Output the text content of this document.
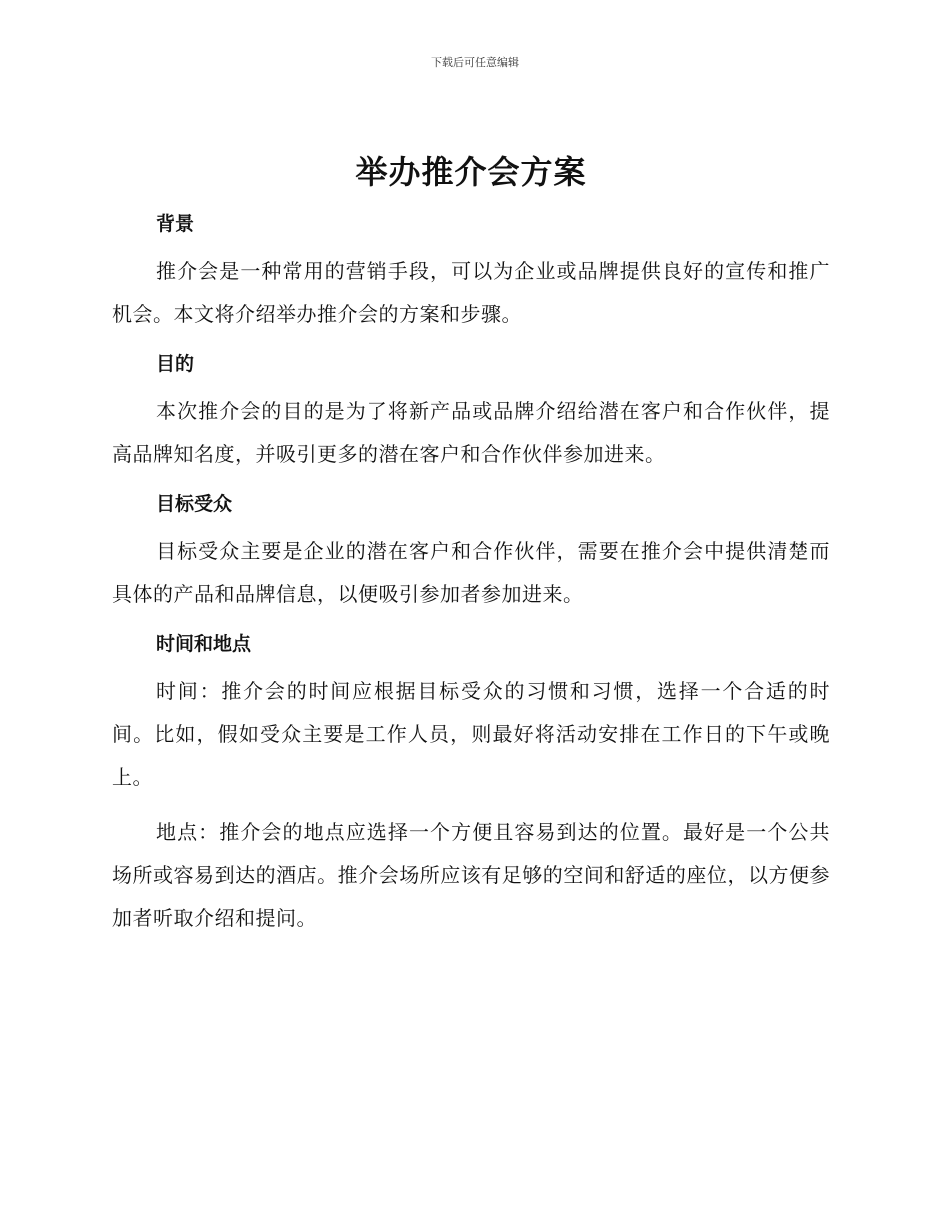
下载后可任意编辑
举办推介会方案
背景

推介会是一种常用的营销手段，可以为企业或品牌提供良好的宣传和推广机会。本文将介绍举办推介会的方案和步骤。

目的

本次推介会的目的是为了将新产品或品牌介绍给潜在客户和合作伙伴，提高品牌知名度，并吸引更多的潜在客户和合作伙伴参加进来。

目标受众

目标受众主要是企业的潜在客户和合作伙伴，需要在推介会中提供清楚而具体的产品和品牌信息，以便吸引参加者参加进来。

时间和地点

时间：推介会的时间应根据目标受众的习惯和习惯，选择一个合适的时间。比如，假如受众主要是工作人员，则最好将活动安排在工作日的下午或晚上。

地点：推介会的地点应选择一个方便且容易到达的位置。最好是一个公共场所或容易到达的酒店。推介会场所应该有足够的空间和舒适的座位，以方便参加者听取介绍和提问。
